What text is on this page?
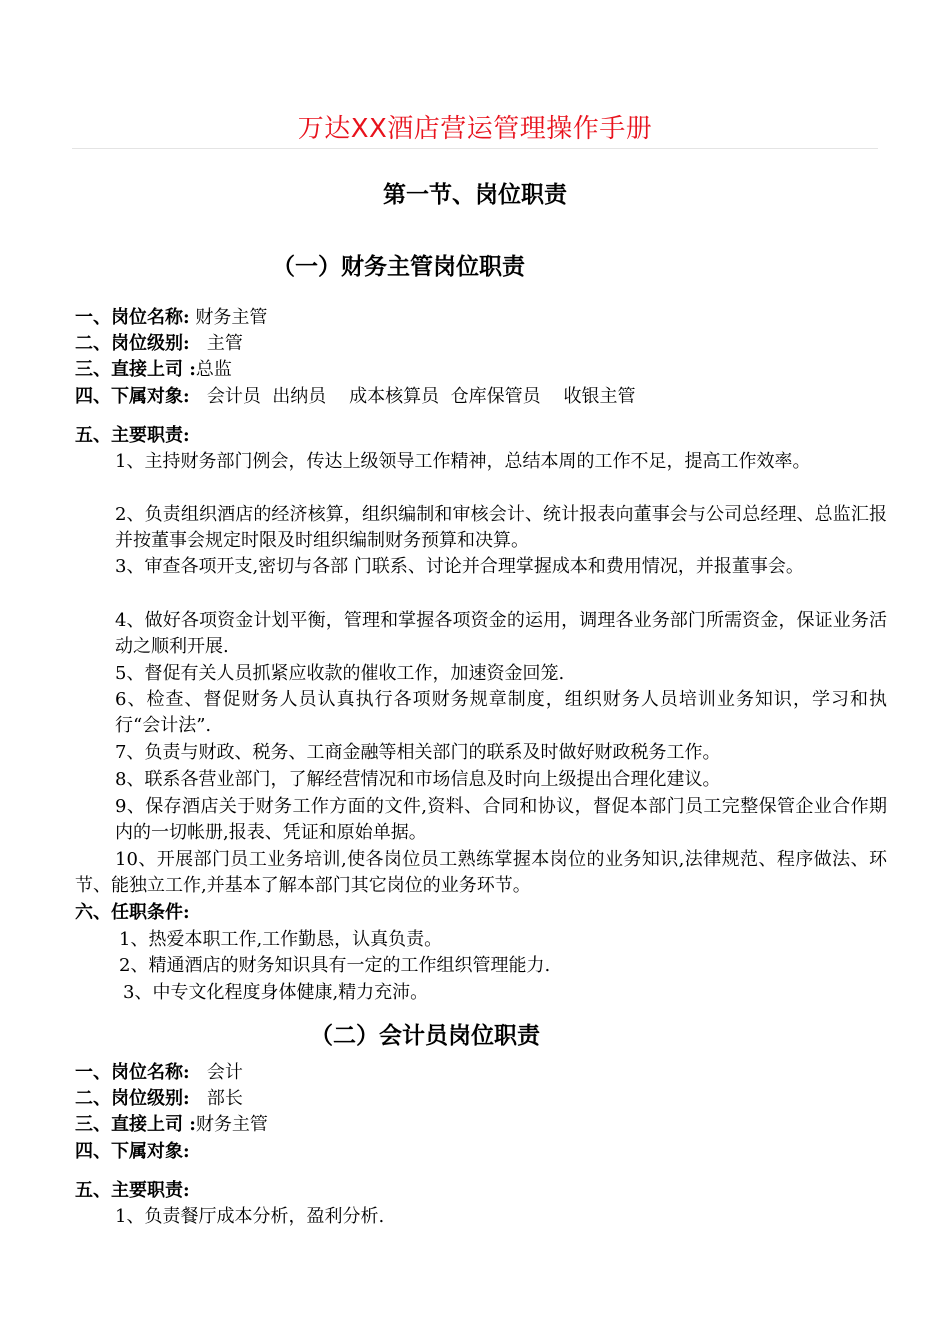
万达XX酒店营运管理操作手册
第一节、岗位职责
（一）财务主管岗位职责
一、岗位名称: 财务主管
二、岗位级别:   主管
三、直接上司 :总监
四、下属对象:   会计员  出纳员    成本核算员  仓库保管员    收银主管
五、主要职责:
1、主持财务部门例会，传达上级领导工作精神，总结本周的工作不足，提高工作效率。
2、负责组织酒店的经济核算，组织编制和审核会计、统计报表向董事会与公司总经理、总监汇报并按董事会规定时限及时组织编制财务预算和决算。
3、审查各项开支,密切与各部 门联系、讨论并合理掌握成本和费用情况，并报董事会。
4、做好各项资金计划平衡，管理和掌握各项资金的运用，调理各业务部门所需资金，保证业务活动之顺利开展.
5、督促有关人员抓紧应收款的催收工作，加速资金回笼.
6、检查、督促财务人员认真执行各项财务规章制度，组织财务人员培训业务知识，学习和执行“会计法”.
7、负责与财政、税务、工商金融等相关部门的联系及时做好财政税务工作。
8、联系各营业部门，了解经营情况和市场信息及时向上级提出合理化建议。
9、保存酒店关于财务工作方面的文件,资料、合同和协议，督促本部门员工完整保管企业合作期内的一切帐册,报表、凭证和原始单据。
10、开展部门员工业务培训,使各岗位员工熟练掌握本岗位的业务知识,法律规范、程序做法、环节、能独立工作,并基本了解本部门其它岗位的业务环节。
六、任职条件:
1、热爱本职工作,工作勤恳，认真负责。
2、精通酒店的财务知识具有一定的工作组织管理能力.
3、中专文化程度身体健康,精力充沛。
（二）会计员岗位职责
一、岗位名称:   会计
二、岗位级别:   部长
三、直接上司 :财务主管
四、下属对象:
五、主要职责:
1、负责餐厅成本分析，盈利分析.
